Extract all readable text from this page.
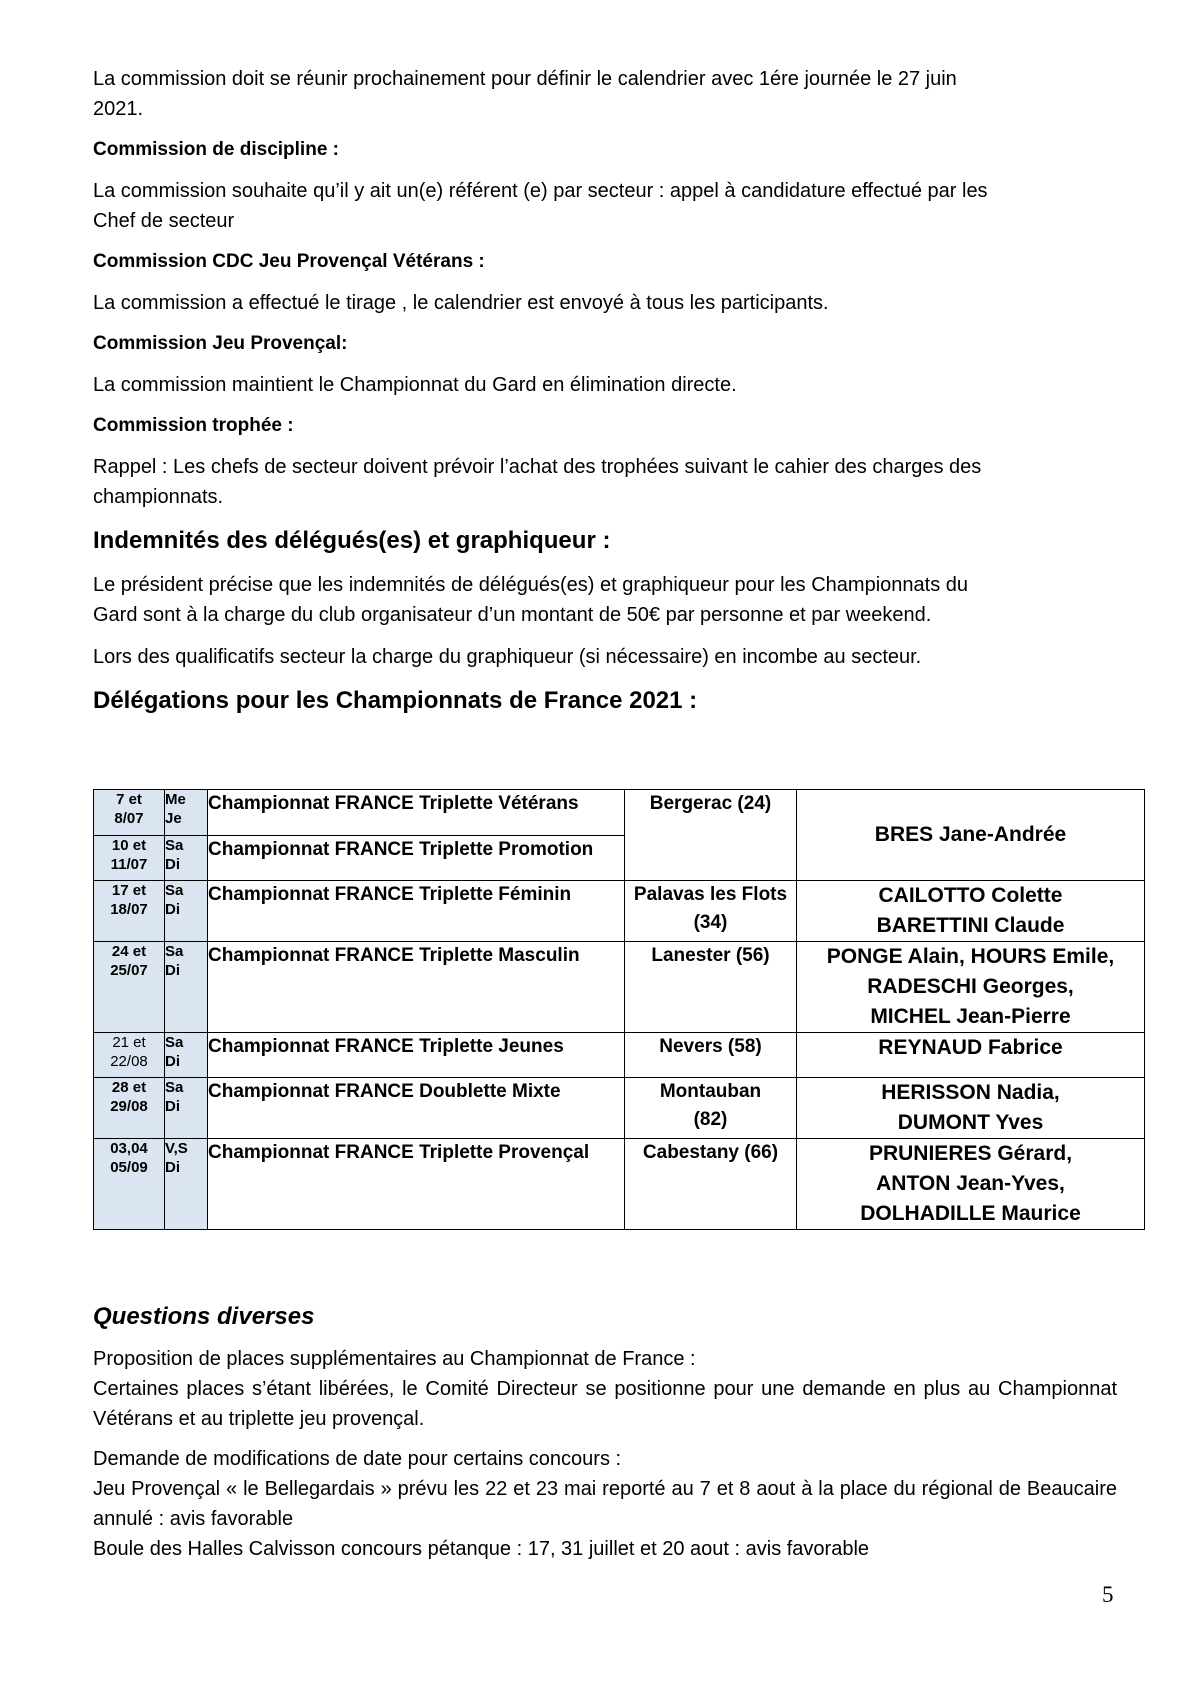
La commission doit se réunir prochainement pour définir le calendrier avec 1ére journée le 27 juin
2021.

Commission de discipline :

La commission souhaite qu’il y ait un(e) référent (e) par secteur : appel à candidature effectué par les
Chef de secteur

Commission CDC Jeu Provençal Vétérans :

La commission a effectué le tirage , le calendrier est envoyé à tous les participants.

Commission Jeu Provençal:

La commission maintient le Championnat du Gard en élimination directe.

Commission trophée :

Rappel : Les chefs de secteur doivent prévoir l’achat des trophées suivant le cahier des charges des
championnats.

Indemnités des délégués(es) et graphiqueur :

Le président précise que les indemnités de délégués(es) et graphiqueur pour les Championnats du
Gard sont à la charge du club organisateur d’un montant de 50€ par personne et par weekend.

Lors des qualificatifs secteur la charge du graphiqueur (si nécessaire) en incombe au secteur.

Délégations pour les Championnats de France 2021 :
7 et
8/07	Me
Je	Championnat FRANCE Triplette Vétérans	Bergerac (24)	BRES Jane-Andrée

10 et
11/07	Sa
Di	Championnat FRANCE Triplette Promotion		

17 et
18/07	Sa
Di	Championnat FRANCE Triplette Féminin	Palavas les Flots
(34)	CAILOTTO Colette
BARETTINI Claude

24 et
25/07	Sa
Di	Championnat FRANCE Triplette Masculin	Lanester (56)	PONGE Alain, HOURS Emile,
RADESCHI Georges,
MICHEL Jean-Pierre

21 et
22/08	Sa
Di	Championnat FRANCE Triplette Jeunes	Nevers (58)	REYNAUD Fabrice

28 et
29/08	Sa
Di	Championnat FRANCE Doublette Mixte	Montauban
(82)	HERISSON Nadia,
DUMONT Yves

03,04
05/09	V,S
Di	Championnat FRANCE Triplette Provençal	Cabestany (66)	PRUNIERES Gérard,
ANTON Jean-Yves,
DOLHADILLE Maurice
Questions diverses

Proposition de places supplémentaires au Championnat de France :

Certaines places s’étant libérées, le Comité Directeur se positionne pour une demande en plus au Championnat Vétérans et au triplette jeu provençal.

Demande de modifications de date pour certains concours :

Jeu Provençal « le Bellegardais » prévu les 22 et 23 mai reporté au 7 et 8 aout à la place du régional de Beaucaire annulé : avis favorable

Boule des Halles Calvisson concours pétanque : 17, 31 juillet et 20 aout : avis favorable

5
